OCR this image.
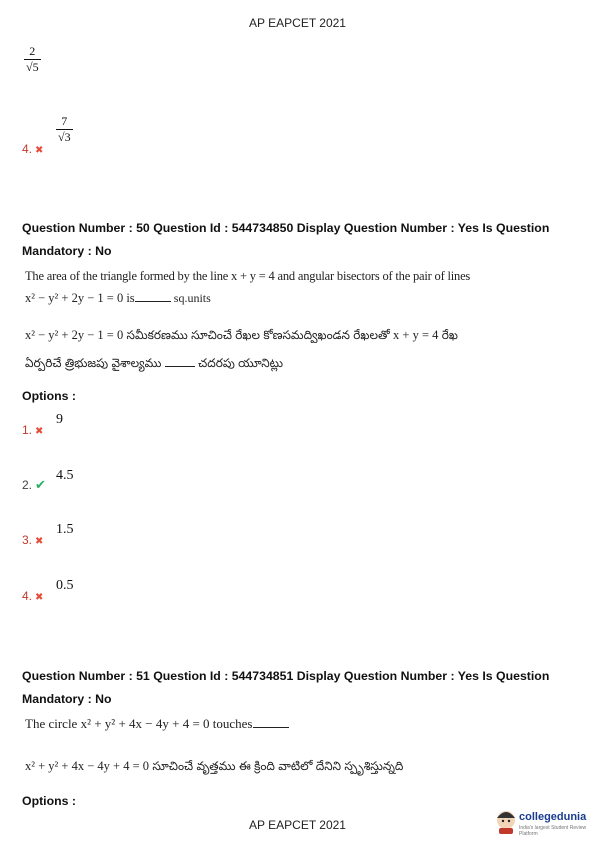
AP EAPCET 2021
$\frac{2}{√5}$
4. ✖
$\frac{7}{√3}$
Question Number : 50 Question Id : 544734850 Display Question Number : Yes Is Question
Mandatory : No
The area of the triangle formed by the line x + y = 4 and angular bisectors of the pair of lines
x² − y² + 2y − 1 = 0 is	sq.units
x² − y² + 2y − 1 = 0 సమీకరణము సూచించే రేఖల కోణసమద్విఖండన రేఖలతో x + y = 4 రేఖ
ఏర్పరిచే త్రిభుజపు వైశాల్యము	చదరపు యూనిట్లు
Options :
1. ✖
9
2. ✔
4.5
3. ✖
1.5
4. ✖
0.5
Question Number : 51 Question Id : 544734851 Display Question Number : Yes Is Question
Mandatory : No
The circle x² + y² + 4x − 4y + 4 = 0 touches
x² + y² + 4x − 4y + 4 = 0 సూచించే వృత్తము ఈ క్రింది వాటిలో దేనిని స్పృశిస్తున్నది
Options :
AP EAPCET 2021
collegedunia
India's largest Student Review Platform
